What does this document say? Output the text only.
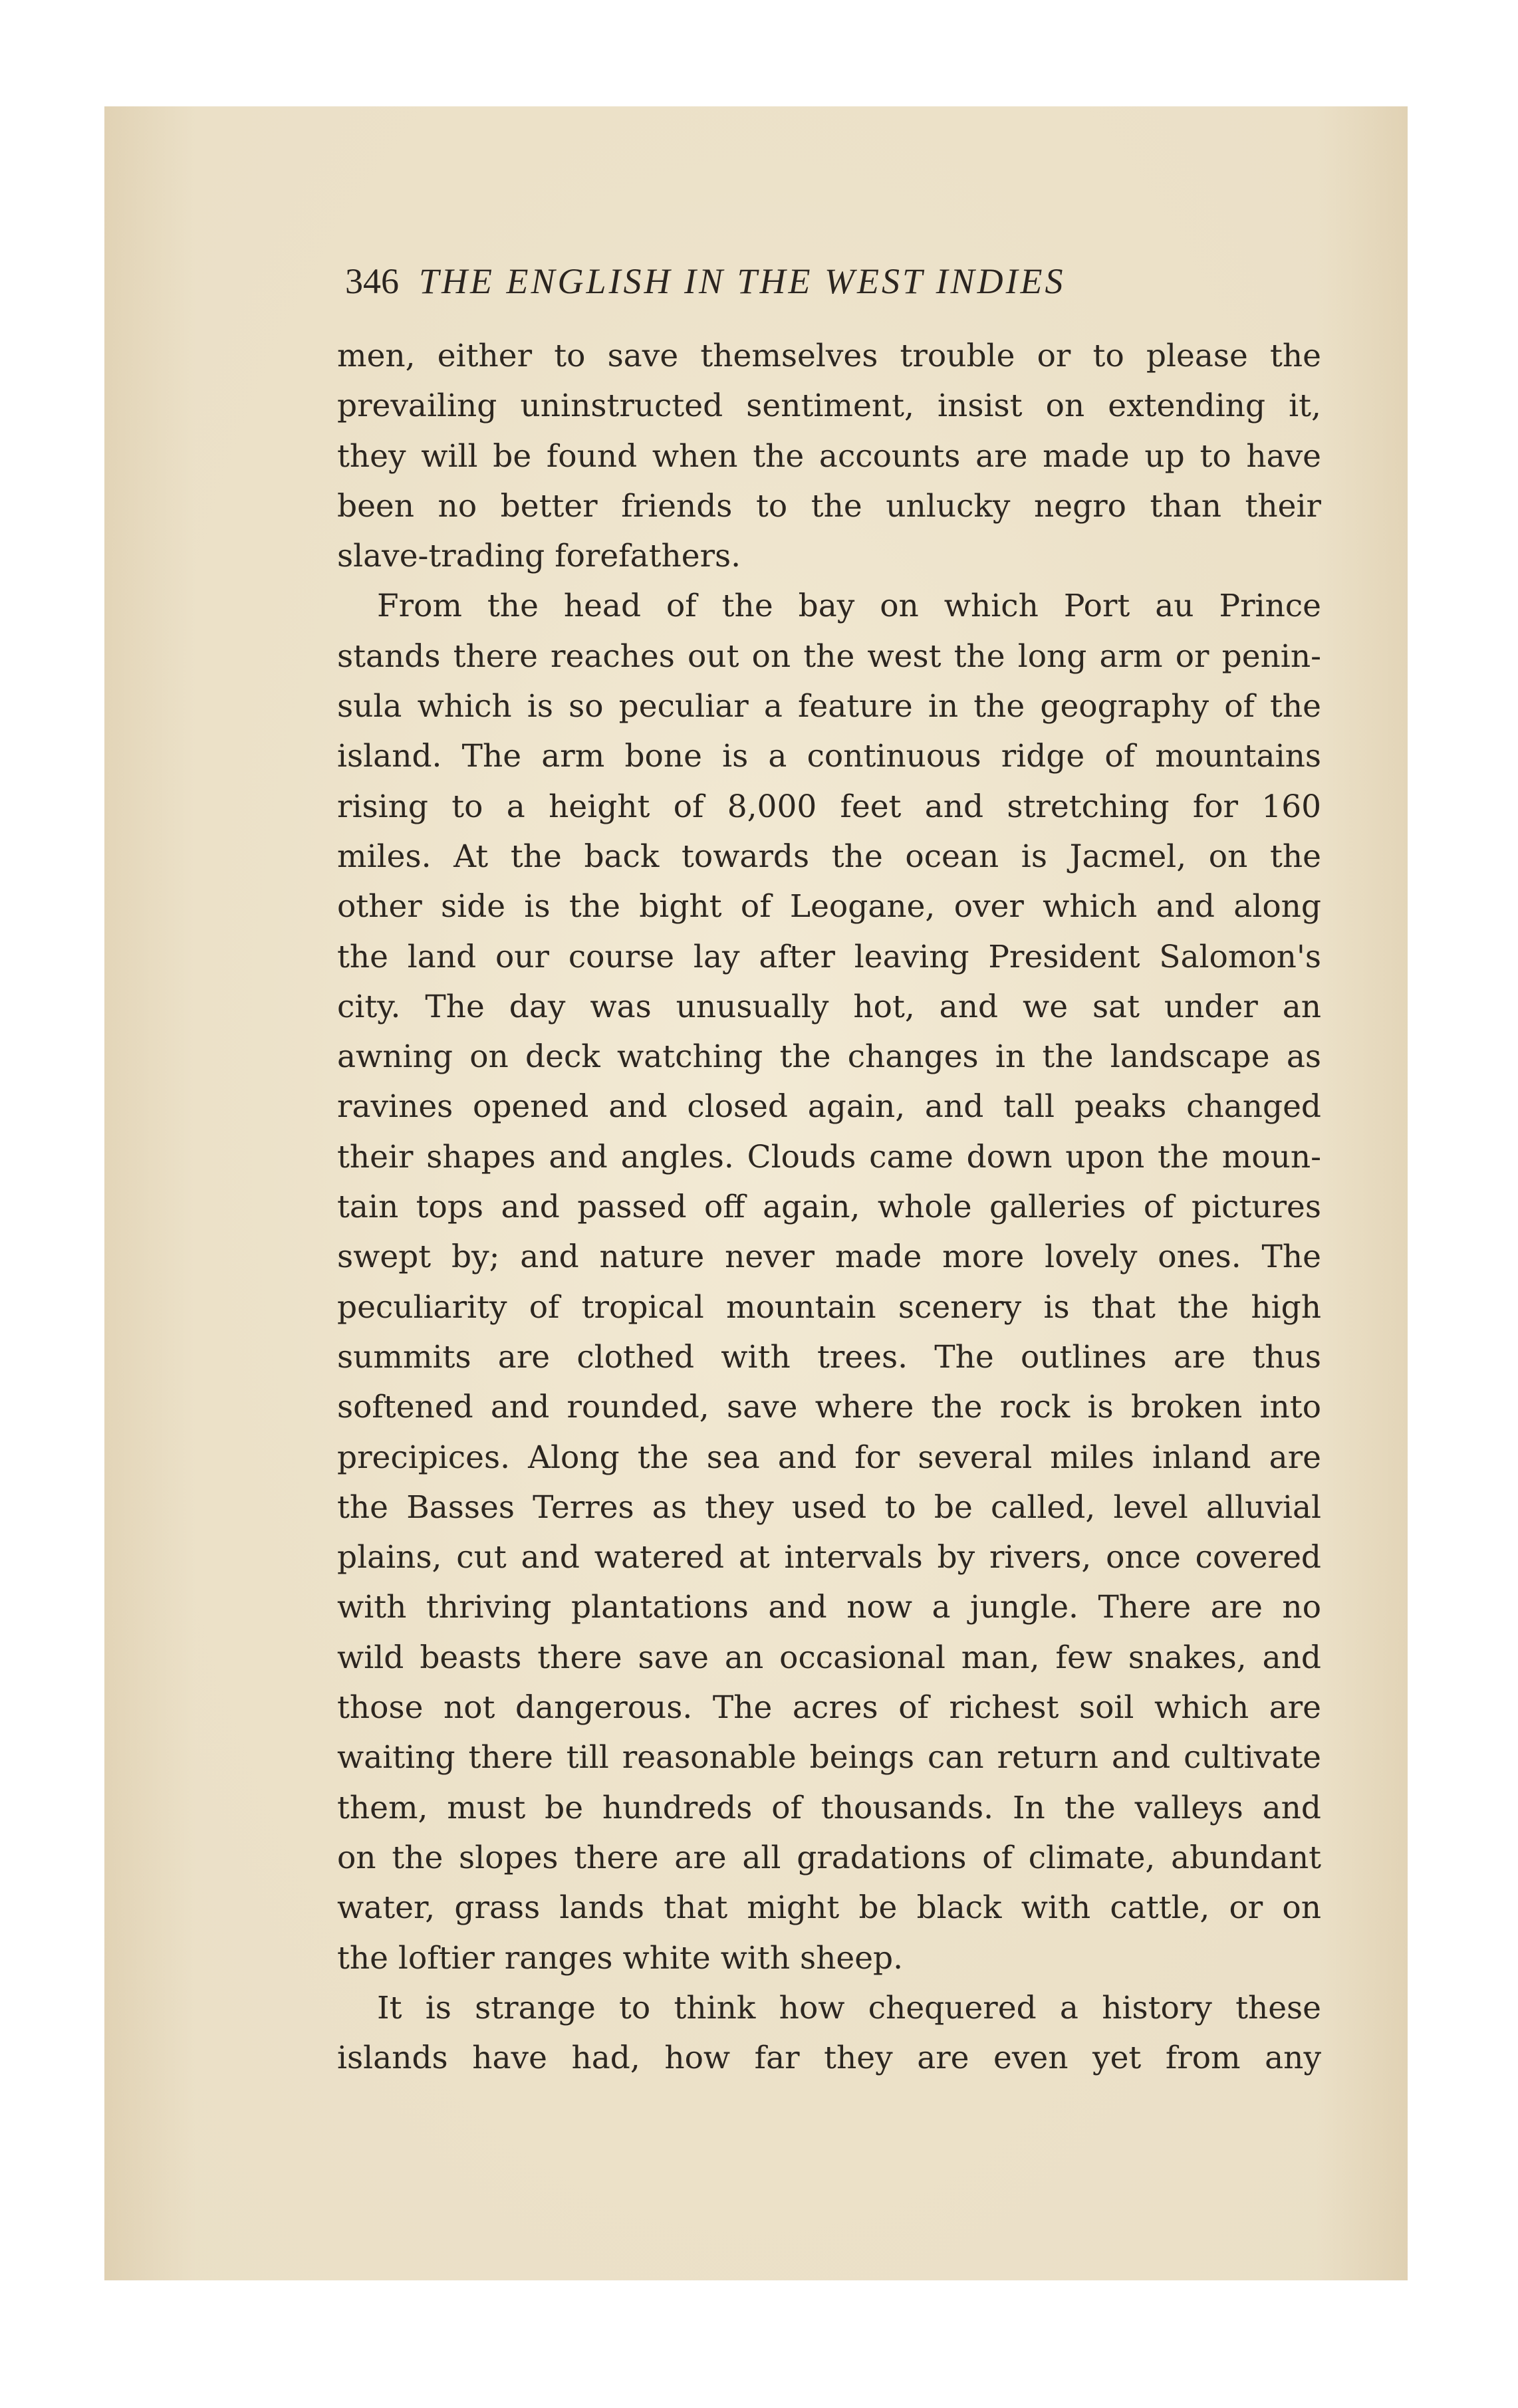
346 THE ENGLISH IN THE WEST INDIES
men, either to save themselves trouble or to please the
prevailing uninstructed sentiment, insist on extending it,
they will be found when the accounts are made up to have
been no better friends to the unlucky negro than their
slave-trading forefathers.
From the head of the bay on which Port au Prince
stands there reaches out on the west the long arm or penin-
sula which is so peculiar a feature in the geography of the
island. The arm bone is a continuous ridge of mountains
rising to a height of 8,000 feet and stretching for 160
miles. At the back towards the ocean is Jacmel, on the
other side is the bight of Leogane, over which and along
the land our course lay after leaving President Salomon's
city. The day was unusually hot, and we sat under an
awning on deck watching the changes in the landscape as
ravines opened and closed again, and tall peaks changed
their shapes and angles. Clouds came down upon the moun-
tain tops and passed off again, whole galleries of pictures
swept by; and nature never made more lovely ones. The
peculiarity of tropical mountain scenery is that the high
summits are clothed with trees. The outlines are thus
softened and rounded, save where the rock is broken into
precipices. Along the sea and for several miles inland are
the Basses Terres as they used to be called, level alluvial
plains, cut and watered at intervals by rivers, once covered
with thriving plantations and now a jungle. There are no
wild beasts there save an occasional man, few snakes, and
those not dangerous. The acres of richest soil which are
waiting there till reasonable beings can return and cultivate
them, must be hundreds of thousands. In the valleys and
on the slopes there are all gradations of climate, abundant
water, grass lands that might be black with cattle, or on
the loftier ranges white with sheep.
It is strange to think how chequered a history these
islands have had, how far they are even yet from any
